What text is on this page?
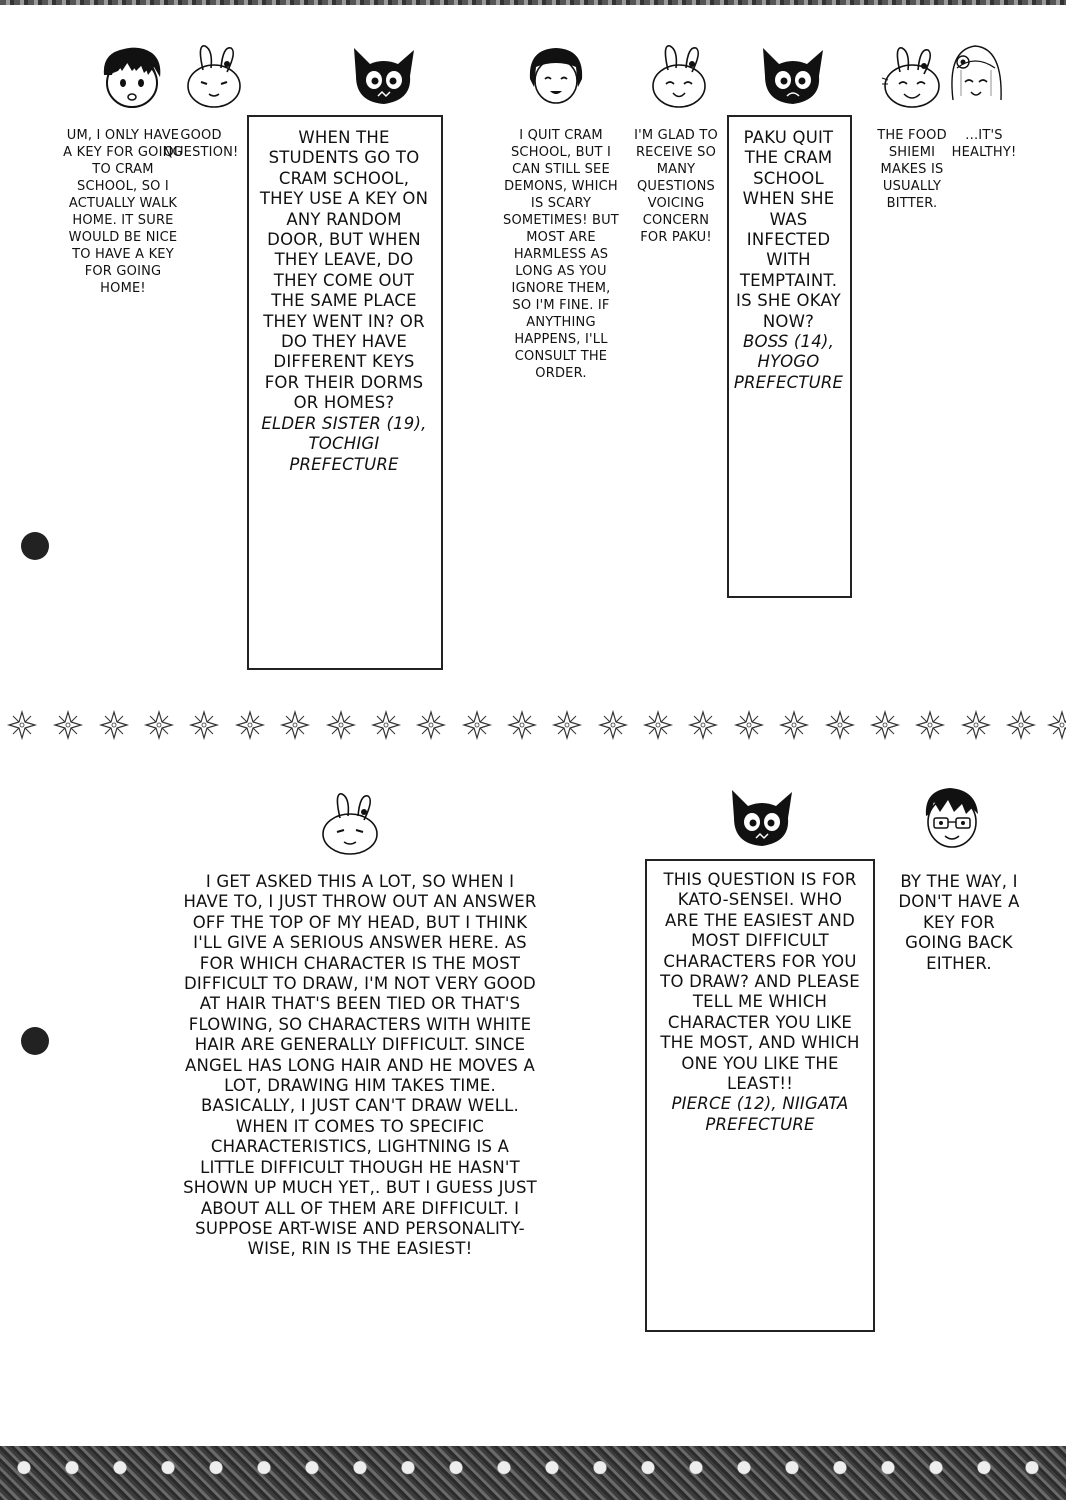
UM, I ONLY HAVE A KEY FOR GOING TO CRAM SCHOOL, SO I ACTUALLY WALK HOME. IT SURE WOULD BE NICE TO HAVE A KEY FOR GOING HOME!
GOOD QUESTION!
WHEN THE STUDENTS GO TO CRAM SCHOOL, THEY USE A KEY ON ANY RANDOM DOOR, BUT WHEN THEY LEAVE, DO THEY COME OUT THE SAME PLACE THEY WENT IN? OR DO THEY HAVE DIFFERENT KEYS FOR THEIR DORMS OR HOMES?
ELDER SISTER (19), TOCHIGI PREFECTURE
I QUIT CRAM SCHOOL, BUT I CAN STILL SEE DEMONS, WHICH IS SCARY SOMETIMES! BUT MOST ARE HARMLESS AS LONG AS YOU IGNORE THEM, SO I'M FINE. IF ANYTHING HAPPENS, I'LL CONSULT THE ORDER.
I'M GLAD TO RECEIVE SO MANY QUESTIONS VOICING CONCERN FOR PAKU!
PAKU QUIT THE CRAM SCHOOL WHEN SHE WAS INFECTED WITH TEMPTAINT. IS SHE OKAY NOW?
BOSS (14), HYOGO PREFECTURE
THE FOOD SHIEMI MAKES IS USUALLY BITTER.
...IT'S HEALTHY!
I GET ASKED THIS A LOT, SO WHEN I HAVE TO, I JUST THROW OUT AN ANSWER OFF THE TOP OF MY HEAD, BUT I THINK I'LL GIVE A SERIOUS ANSWER HERE. AS FOR WHICH CHARACTER IS THE MOST DIFFICULT TO DRAW, I'M NOT VERY GOOD AT HAIR THAT'S BEEN TIED OR THAT'S FLOWING, SO CHARACTERS WITH WHITE HAIR ARE GENERALLY DIFFICULT. SINCE ANGEL HAS LONG HAIR AND HE MOVES A LOT, DRAWING HIM TAKES TIME. BASICALLY, I JUST CAN'T DRAW WELL. WHEN IT COMES TO SPECIFIC CHARACTERISTICS, LIGHTNING IS A LITTLE DIFFICULT THOUGH HE HASN'T SHOWN UP MUCH YET,. BUT I GUESS JUST ABOUT ALL OF THEM ARE DIFFICULT. I SUPPOSE ART-WISE AND PERSONALITY-WISE, RIN IS THE EASIEST!
THIS QUESTION IS FOR KATO-SENSEI. WHO ARE THE EASIEST AND MOST DIFFICULT CHARACTERS FOR YOU TO DRAW? AND PLEASE TELL ME WHICH CHARACTER YOU LIKE THE MOST, AND WHICH ONE YOU LIKE THE LEAST!!
PIERCE (12), NIIGATA PREFECTURE
BY THE WAY, I DON'T HAVE A KEY FOR GOING BACK EITHER.
